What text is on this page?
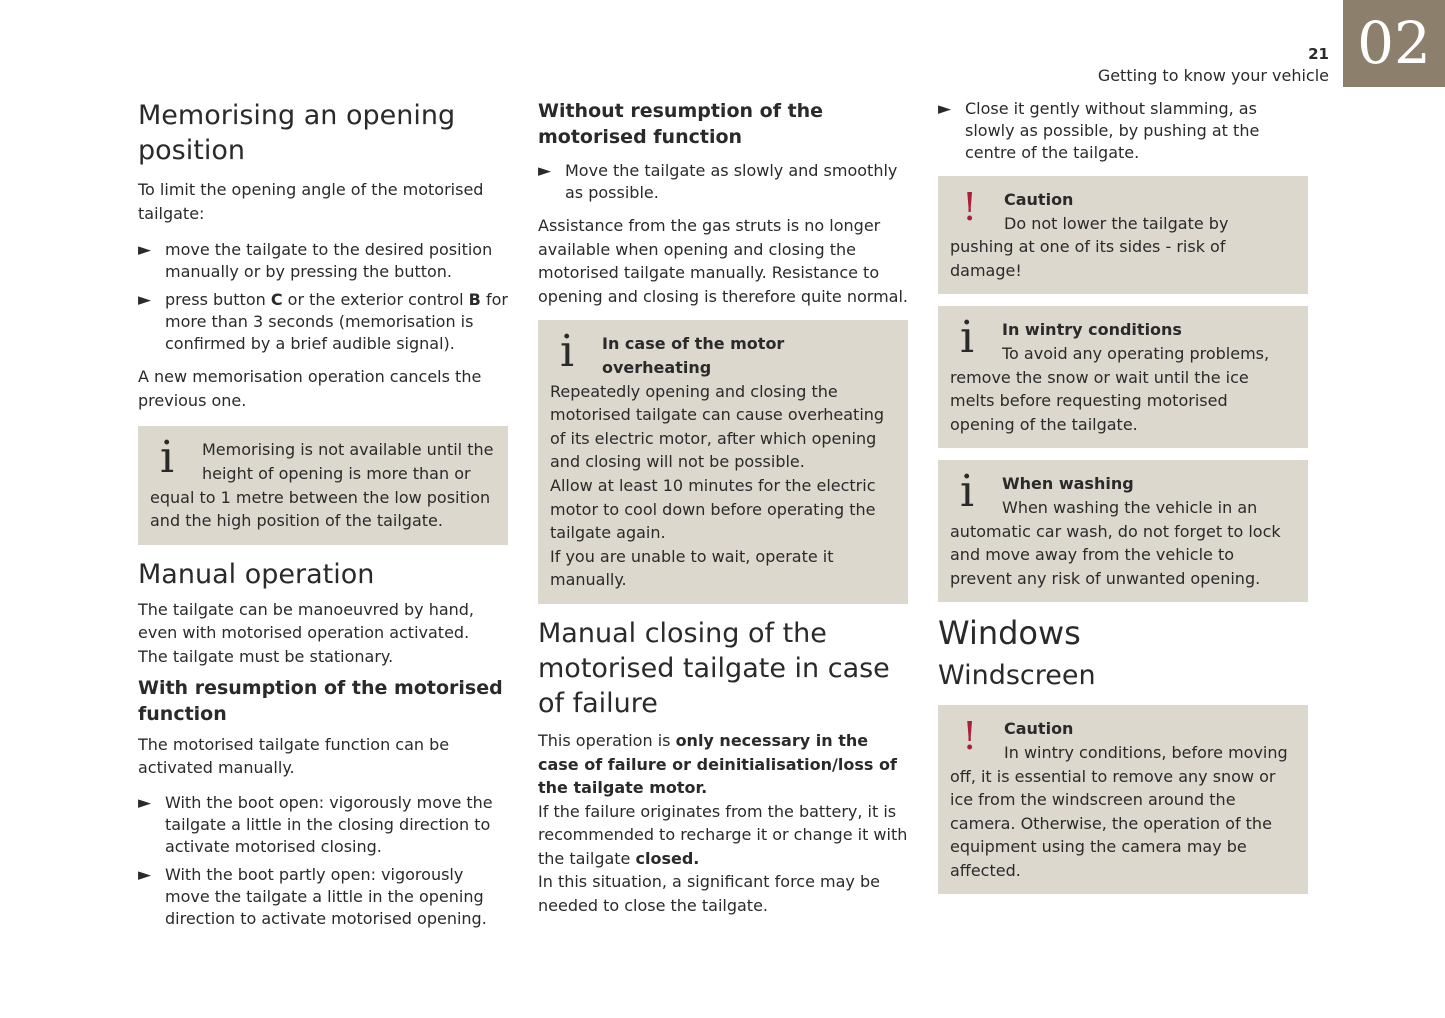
21
Getting to know your vehicle 02
Memorising an opening position

To limit the opening angle of the motorised tailgate:

► move the tailgate to the desired position manually or by pressing the button.
► press button C or the exterior control B for more than 3 seconds (memorisation is confirmed by a brief audible signal).

A new memorisation operation cancels the previous one.

i	Memorising is not available until the height of opening is more than or equal to 1 metre between the low position and the high position of the tailgate.
Manual operation

The tailgate can be manoeuvred by hand, even with motorised operation activated.

The tailgate must be stationary.

With resumption of the motorised function

The motorised tailgate function can be activated manually.

► With the boot open: vigorously move the tailgate a little in the closing direction to activate motorised closing.
► With the boot partly open: vigorously move the tailgate a little in the opening direction to activate motorised opening.
Without resumption of the motorised function
► Move the tailgate as slowly and smoothly as possible.

Assistance from the gas struts is no longer available when opening and closing the motorised tailgate manually. Resistance to opening and closing is therefore quite normal.

i	In case of the motor overheating
Repeatedly opening and closing the motorised tailgate can cause overheating of its electric motor, after which opening and closing will not be possible.
Allow at least 10 minutes for the electric motor to cool down before operating the tailgate again.
If you are unable to wait, operate it manually.
Manual closing of the motorised tailgate in case of failure

This operation is only necessary in the case of failure or deinitialisation/loss of the tailgate motor.

If the failure originates from the battery, it is recommended to recharge it or change it with the tailgate closed.

In this situation, a significant force may be needed to close the tailgate.

► Close it gently without slamming, as slowly as possible, by pushing at the centre of the tailgate.
!	Caution
Do not lower the tailgate by pushing at one of its sides - risk of damage!
i	In wintry conditions
To avoid any operating problems, remove the snow or wait until the ice melts before requesting motorised opening of the tailgate.
i	When washing
When washing the vehicle in an automatic car wash, do not forget to lock and move away from the vehicle to prevent any risk of unwanted opening.
Windows
Windscreen
!	Caution
In wintry conditions, before moving off, it is essential to remove any snow or ice from the windscreen around the camera. Otherwise, the operation of the equipment using the camera may be affected.
